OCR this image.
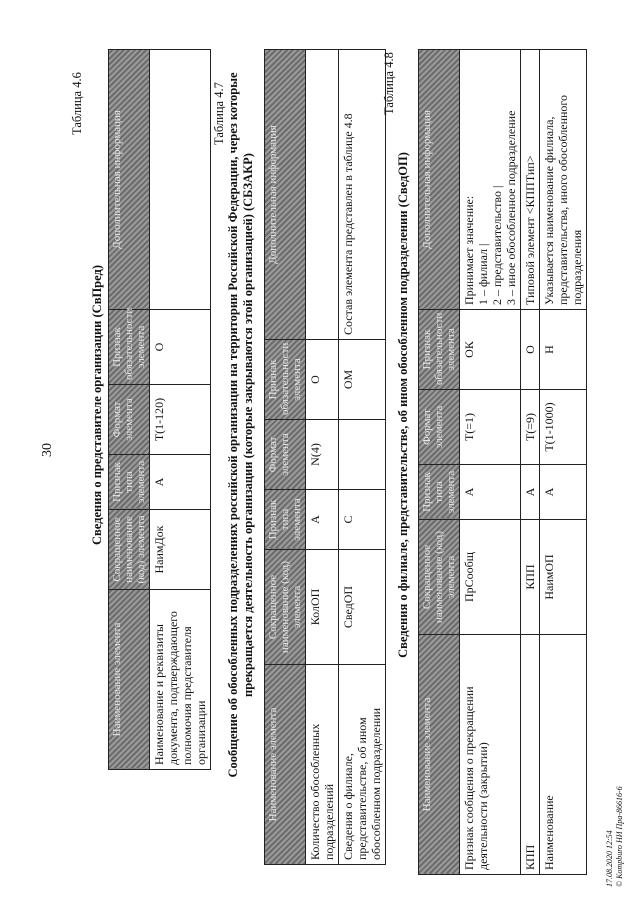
30
Таблица 4.6
Сведения о представителе организации (СвПред)
Наименование элемента	Сокращенное наименование (код) элемента	Признак типа элемента	Формат элемента	Признак обязательности элемента	Дополнительная информация
Наименование и реквизиты документа, подтверждающего полномочия представителя организации	НаимДок	А	T(1-120)	О	
Таблица 4.7 Сообщение об обособленных подразделениях российской организации на территории Российской Федерации, через которые прекращается деятельность организации (которые закрываются этой организацией) (СБЗАКР)
Наименование элемента	Сокращенное наименование (код) элемента	Признак типа элемента	Формат элемента	Признак обязательности элемента	Дополнительная информация
Количество обособленных подразделений	КолОП	А	N(4)	О	
Сведения о филиале, представительстве, об ином обособленном подразделении	СведОП	С		ОМ	Состав элемента представлен в таблице 4.8
Таблица 4.8
Сведения о филиале, представительстве, об ином обособленном подразделении (СведОП)
Наименование элемента	Сокращенное наименование (код) элемента	Признак типа элемента	Формат элемента	Признак обязательности элемента	Дополнительная информация
Признак сообщения о прекращении деятельности (закрытии)	ПрСообщ	А	T(=1)	ОК	Принимает значение: 1 – филиал | 2 – представительство | 3 – иное обособленное подразделение

КПП	КПП	А	T(=9)	О	Типовой элемент <КППТип>
Наименование	НаимОП	А	T(1-1000)	Н	Указывается наименование филиала, представительства, иного обособленного подразделения
17.08.2020 12:54 © Kompburo НИ Пра-86616-6
